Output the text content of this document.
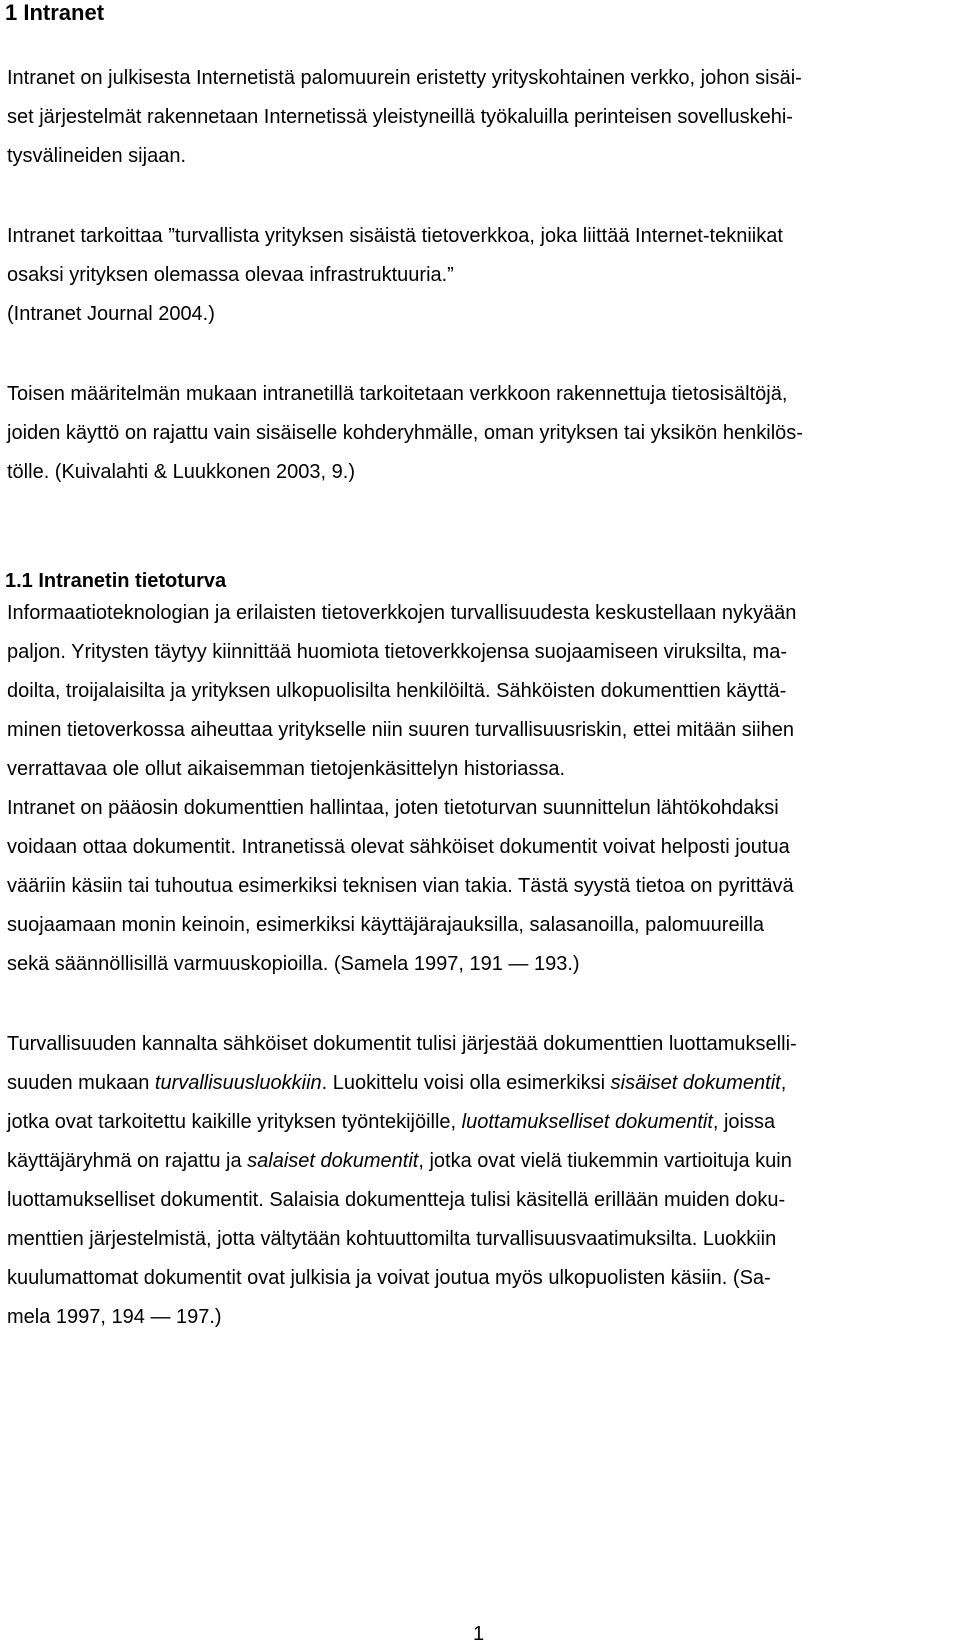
1 Intranet
Intranet on julkisesta Internetistä palomuurein eristetty yrityskohtainen verkko, johon sisäi-
set järjestelmät rakennetaan Internetissä yleistyneillä työkaluilla perinteisen sovelluskehi-
tysvälineiden sijaan.
Intranet tarkoittaa ”turvallista yrityksen sisäistä tietoverkkoa, joka liittää Internet-tekniikat
osaksi yrityksen olemassa olevaa infrastruktuuria.”
(Intranet Journal 2004.)
Toisen määritelmän mukaan intranetillä tarkoitetaan verkkoon rakennettuja tietosisältöjä,
joiden käyttö on rajattu vain sisäiselle kohderyhmälle, oman yrityksen tai yksikön henkilös-
tölle. (Kuivalahti & Luukkonen 2003, 9.)
1.1 Intranetin tietoturva
Informaatioteknologian ja erilaisten tietoverkkojen turvallisuudesta keskustellaan nykyään
paljon. Yritysten täytyy kiinnittää huomiota tietoverkkojensa suojaamiseen viruksilta, ma-
doilta, troijalaisilta ja yrityksen ulkopuolisilta henkilöiltä. Sähköisten dokumenttien käyttä-
minen tietoverkossa aiheuttaa yritykselle niin suuren turvallisuusriskin, ettei mitään siihen
verrattavaa ole ollut aikaisemman tietojenkäsittelyn historiassa.
Intranet on pääosin dokumenttien hallintaa, joten tietoturvan suunnittelun lähtökohdaksi
voidaan ottaa dokumentit. Intranetissä olevat sähköiset dokumentit voivat helposti joutua
vääriin käsiin tai tuhoutua esimerkiksi teknisen vian takia. Tästä syystä tietoa on pyrittävä
suojaamaan monin keinoin, esimerkiksi käyttäjärajauksilla, salasanoilla, palomuureilla
sekä säännöllisillä varmuuskopioilla. (Samela 1997, 191 — 193.)
Turvallisuuden kannalta sähköiset dokumentit tulisi järjestää dokumenttien luottamukselli-
suuden mukaan turvallisuusluokkiin. Luokittelu voisi olla esimerkiksi sisäiset dokumentit,
jotka ovat tarkoitettu kaikille yrityksen työntekijöille, luottamukselliset dokumentit, joissa
käyttäjäryhmä on rajattu ja salaiset dokumentit, jotka ovat vielä tiukemmin vartioituja kuin
luottamukselliset dokumentit. Salaisia dokumentteja tulisi käsitellä erillään muiden doku-
menttien järjestelmistä, jotta vältytään kohtuuttomilta turvallisuusvaatimuksilta. Luokkiin
kuulumattomat dokumentit ovat julkisia ja voivat joutua myös ulkopuolisten käsiin. (Sa-
mela 1997, 194 — 197.)
1
